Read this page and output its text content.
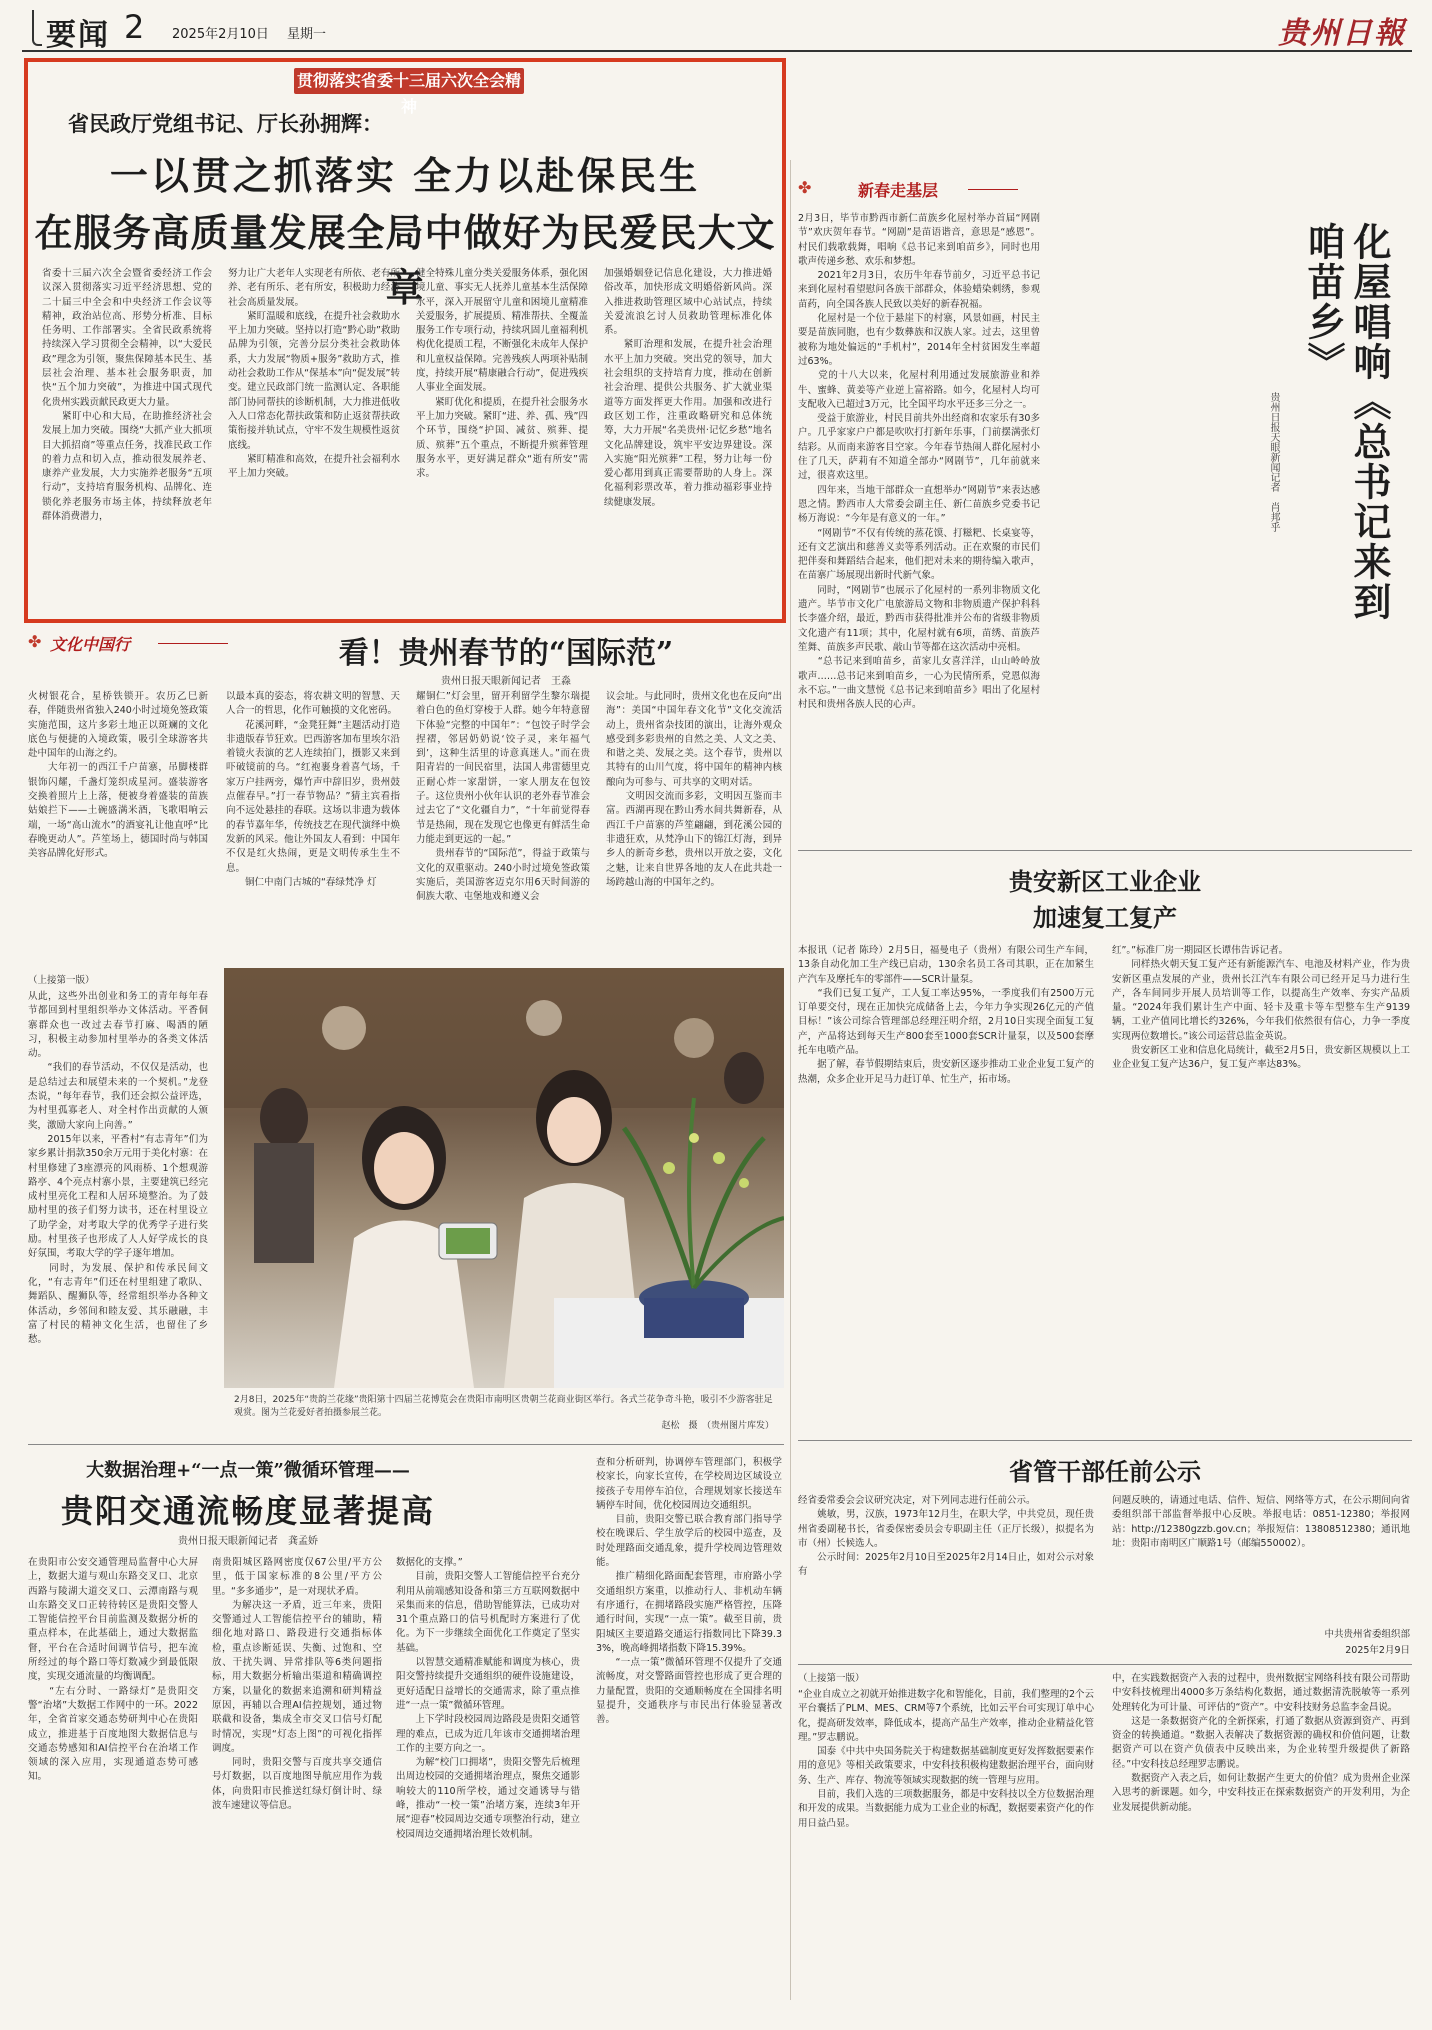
要闻 2 2025年2月10日 星期一	贵州日報
贯彻落实省委十三届六次全会精神
省民政厅党组书记、厅长孙拥辉：
一以贯之抓落实 全力以赴保民生
在服务高质量发展全局中做好为民爱民大文章
省委十三届六次全会暨省委经济工作会议深入贯彻落实习近平经济思想、党的二十届三中全会和中央经济工作会议等精神，政治站位高、形势分析准、目标任务明、工作部署实。全省民政系统将持续深入学习贯彻全会精神，以“大爱民政”理念为引领，聚焦保障基本民生、基层社会治理、基本社会服务职责，加快“五个加力突破”，为推进中国式现代化贵州实践贡献民政更大力量。
　　紧盯中心和大局，在助推经济社会发展上加力突破。围绕“大抓产业大抓项目大抓招商”等重点任务，找准民政工作的着力点和切入点，推动很发展养老、康养产业发展，大力实施养老服务“五项行动”，支持培育服务机构、品牌化、连锁化养老服务市场主体，持续释放老年群体消费潜力，
努力让广大老年人实现老有所依、老有所养、老有所乐、老有所安，积极助力经济社会高质量发展。
　　紧盯温暖和底线，在提升社会救助水平上加力突破。坚持以打造“黔心助”救助品牌为引领，完善分层分类社会救助体系，大力发展“物质+服务”救助方式，推动社会救助工作从“保基本”向“促发展”转变。建立民政部门统一监测认定、各职能部门协同帮扶的诊断机制，大力推进低收入人口常态化帮扶政策和防止返贫帮扶政策衔接并轨试点，守牢不发生规模性返贫底线。
　　紧盯精准和高效，在提升社会福利水平上加力突破。
健全特殊儿童分类关爱服务体系，强化困境儿童、事实无人抚养儿童基本生活保障水平，深入开展留守儿童和困境儿童精准关爱服务，扩展提质、精准帮扶、全覆盖服务工作专项行动，持续巩固儿童福利机构优化提质工程，不断强化未成年人保护和儿童权益保障。完善残疾人两项补贴制度，持续开展“精康融合行动”，促进残疾人事业全面发展。
　　紧盯优化和提质，在提升社会服务水平上加力突破。紧盯“进、养、孤、残”四个环节，围绕“护国、减贫、殡葬、提质、殡葬”五个重点，不断提升殡葬管理服务水平，更好满足群众“逝有所安”需求。
加强婚姻登记信息化建设，大力推进婚俗改革，加快形成文明婚俗新风尚。深入推进救助管理区域中心站试点，持续关爱流浪乞讨人员救助管理标准化体系。
　　紧盯治理和发展，在提升社会治理水平上加力突破。突出党的领导，加大社会组织的支持培育力度，推动在创新社会治理、提供公共服务、扩大就业渠道等方面发挥更大作用。加强和改进行政区划工作，注重政略研究和总体统筹，大力开展“名美贵州·记忆乡愁”地名文化品牌建设，筑牢平安边界建设。深入实施“阳光殡葬”工程，努力让每一份爱心都用到真正需要帮助的人身上。深化福利彩票改革，着力推动福彩事业持续健康发展。
✤	新春走基层
2月3日，毕节市黔西市新仁苗族乡化屋村举办首届“网剧节”欢庆贺年春节。“网剧”是苗语谐音，意思是“感恩”。村民们载歌载舞，唱响《总书记来到咱苗乡》，同时也用歌声传递乡愁、欢乐和梦想。
　　2021年2月3日，农历牛年春节前夕，习近平总书记来到化屋村看望慰问各族干部群众，体验蜡染刺绣，参观苗药，向全国各族人民致以美好的新春祝福。
　　化屋村是一个位于悬崖下的村寨，风景如画，村民主要是苗族同胞，也有少数彝族和汉族人家。过去，这里曾被称为地处偏远的“手机村”，2014年全村贫困发生率超过63%。
　　党的十八大以来，化屋村利用通过发展旅游业和养牛、蜜蜂、黄姜等产业逆上富裕路。如今，化屋村人均可支配收入已超过3万元，比全国平均水平还多三分之一。
　　受益于旅游业，村民目前共外出经商和农家乐有30多户。几乎家家户户都是吹吹打打新年乐事，门前摆满张灯结彩。从而南来游客目空家。今年春节热闹人群化屋村小住了几天，萨莉有不知道全部办“网剧节”，几年前就来过，很喜欢这里。
　　四年来，当地干部群众一直想举办“网剧节”来表达感恩之情。黔西市人大常委会副主任、新仁苗族乡党委书记杨万海说：“今年是有意义的一年。”
　　“网剧节”不仅有传统的蒸花馍、打糍粑、长桌宴等，还有文艺演出和慈善义卖等系列活动。正在欢聚的市民们把伴奏和舞蹈结合起来，他们把对未来的期待编入歌声，在苗寨广场展现出新时代新气象。
　　同时，“网剧节”也展示了化屋村的一系列非物质文化遗产。毕节市文化广电旅游局文物和非物质遗产保护科科长李盛介绍，最近，黔西市获得批准并公布的省级非物质文化遗产有11项；其中，化屋村就有6项，苗绣、苗族芦笙舞、苗族多声民歌、敲山节等都在这次活动中亮相。
　　“总书记来到咱苗乡，苗家儿女喜洋洋，山山岭岭放歌声……总书记来到咱苗乡，一心为民情所系，党恩似海永不忘。”一曲文慧悦《总书记来到咱苗乡》唱出了化屋村村民和贵州各族人民的心声。
化屋唱响《总书记来到咱苗乡》
贵州日报天眼新闻记者　肖邦乎
贵安新区工业企业
加速复工复产
本报讯（记者 陈玲）2月5日，福曼电子（贵州）有限公司生产车间，13条自动化加工生产线已启动，130余名员工各司其职，正在加紧生产汽车及摩托车的零部件——SCR计量泵。
　　“我们已复工复产，工人复工率达95%，一季度我们有2500万元订单要交付，现在正加快完成储备上去，今年力争实现26亿元的产值目标！”该公司综合管理部总经理汪明介绍，2月10日实现全面复工复产，产品将达到每天生产800套至1000套SCR计量泵，以及500套摩托车电喷产品。
　　据了解，春节假期结束后，贵安新区逐步推动工业企业复工复产的热潮，众多企业开足马力赶订单、忙生产，拓市场。
红”。”标准厂房一期园区长谭伟告诉记者。
　　同样热火朝天复工复产还有新能源汽车、电池及材料产业，作为贵安新区重点发展的产业，贵州长江汽车有限公司已经开足马力进行生产，各车间同步开展人员培训等工作，以提高生产效率、夯实产品质量。“2024年我们累计生产中面、轻卡及重卡等车型整车生产9139辆，工业产值同比增长约326%，今年我们依然很有信心，力争一季度实现两位数增长。”该公司运营总监金英说。
　　贵安新区工业和信息化局统计，截至2月5日，贵安新区规模以上工业企业复工复产达36户，复工复产率达83%。
省管干部任前公示
经省委常委会会议研究决定，对下列同志进行任前公示。
　　姚敏，男，汉族，1973年12月生，在职大学，中共党员，现任贵州省委副秘书长，省委保密委员会专职副主任（正厅长级），拟提名为市（州）长候选人。
　　公示时间：2025年2月10日至2025年2月14日止，如对公示对象有
问题反映的，请通过电话、信件、短信、网络等方式，在公示期间向省委组织部干部监督举报中心反映。举报电话：0851-12380；举报网站：http://12380gzzb.gov.cn；举报短信：13808512380；通讯地址：贵阳市南明区广顺路1号（邮编550002）。
中共贵州省委组织部
2025年2月9日
（上接第一版）
“企业自成立之初就开始推进数字化和智能化，目前，我们整理的2个云平台囊括了PLM、MES、CRM等7个系统，比如云平台可实现订单中心化，提高研发效率，降低成本，提高产品生产效率，推动企业精益化管理。”罗志鹏说。
　　国泰《中共中央国务院关于构建数据基础制度更好发挥数据要素作用的意见》等相关政策要求，中安科技积极构建数据治理平台，面向财务、生产、库存、物流等领域实现数据的统一管理与应用。
　　目前，我们入选的三项数据服务，都是中安科技以全方位数据治理和开发的成果。当数据能力成为工业企业的标配，数据要素资产化的作用日益凸显。
中，在实践数据资产入表的过程中，贵州数据宝网络科技有限公司帮助中安科技梳理出4000多万条结构化数据，通过数据清洗脱敏等一系列处理转化为可计量、可评估的“资产”。中安科技财务总监李金昌说。
　　这是一条数据资产化的全新探索，打通了数据从资源到资产、再到资金的转换通道。“数据入表解决了数据资源的确权和价值问题，让数据资产可以在资产负债表中反映出来，为企业转型升级提供了新路径。”中安科技总经理罗志鹏说。
　　数据资产入表之后，如何让数据产生更大的价值？成为贵州企业深入思考的新课题。如今，中安科技正在探索数据资产的开发利用，为企业发展提供新动能。
✤ 文化中国行	看！贵州春节的“国际范”
贵州日报天眼新闻记者　王淼
火树银花合，星桥铁锁开。农历乙巳新春，伴随贵州省独入240小时过境免签政策实施范围，这片多彩土地正以斑斓的文化底色与便捷的入境政策，吸引全球游客共赴中国年的山海之约。
　　大年初一的西江千户苗寨，吊脚楼群银饰闪耀，千盏灯笼织成星河。盛装游客交换着照片上上落，便被身着盛装的苗族姑娘拦下——土碗盛满米酒，飞歌唱响云端，一场“高山流水”的酒宴礼让他直呼“比春晚更动人”。芦笙场上，德国时尚与韩国美容品牌化好形式。
以最本真的姿态，将农耕文明的智慧、天人合一的哲思，化作可触摸的文化密码。
　　花溪河畔，“金凳狂舞”主题活动打造非遗版春节狂欢。巴西游客加布里埃尔沿着镜火表演的艺人连续拍门，摄影又来到吓破镜前的乌。“红袍裹身着喜气场，千家万户挂两旁，爆竹声中辞旧岁，贵州鼓点催春早。”打一春节物品？”猜主宾看指向不远处悬挂的春联。这场以非遗为载体的春节嘉年华，传统技艺在现代演绎中焕发新的风采。他让外国友人看到：中国年不仅是红火热闹，更是文明传承生生不息。
　　铜仁中南门古城的“春绿梵净 灯
耀铜仁”灯会里，留开利留学生黎尔瑞提着白色的鱼灯穿梭于人群。她今年特意留下体验“完整的中国年”：“包饺子时学会捏褶，邻居奶奶说‘饺子灵，来年福气到’，这种生活里的诗意真迷人。”而在贵阳青岩的一间民宿里，法国人弗雷德里克正耐心炸一家甜饼，一家人朋友在包饺子。这位贵州小伙年认识的老外春节准会过去它了“文化疆自力”，“十年前觉得春节是热闹，现在发现它也像更有鲜活生命力能走到更远的一起。”
　　贵州春节的“国际范”，得益于政策与文化的双重驱动。240小时过境免签政策实施后，美国游客迈克尔用6天时间游的侗族大歌、屯堡地戏和遵义会
议会址。与此同时，贵州文化也在反向“出海”：美国“中国年春文化节”文化交流活动上，贵州省杂技团的演出，让海外观众感受到多彩贵州的自然之美、人文之美、和谐之美、发展之美。这个春节，贵州以其特有的山川气度，将中国年的精神内核酿向为可参与、可共享的文明对话。
　　文明因交流而多彩，文明因互鉴而丰富。西湖再现在黔山秀水间共舞新春，从西江千户苗寨的芦笙翩翩，到花溪公园的非遗狂欢，从梵净山下的锦江灯海，到异乡人的新奇乡愁，贵州以开放之姿，文化之魅，让来自世界各地的友人在此共赴一场跨越山海的中国年之约。
（上接第一版）
从此，这些外出创业和务工的青年每年春节都回到村里组织举办文体活动。平香侗寨群众也一改过去春节打麻、喝酒的陋习，积极主动参加村里举办的各类文体活动。
　　“我们的春节活动，不仅仅是活动，也是总结过去和展望未来的一个契机。”龙登杰说，“每年春节，我们还会拟公益评选，为村里孤寡老人、对全村作出贡献的人颁奖，激励大家向上向善。”
　　2015年以来，平香村“有志青年”们为家乡累计捐款350余万元用于美化村寨：在村里修建了3座漂亮的风雨桥、1个想观游路亭、4个亮点村寨小景，主要建筑已经完成村里亮化工程和人居环境整治。为了鼓励村里的孩子们努力读书，还在村里设立了助学金，对考取大学的优秀学子进行奖励。村里孩子也形成了人人好学成长的良好氛围，考取大学的学子逐年增加。
　　同时，为发展、保护和传承民间文化，“有志青年”们还在村里组建了歌队、舞蹈队、醒狮队等，经常组织举办各种文体活动，乡邻间和睦友爱、其乐融融，丰富了村民的精神文化生活，也留住了乡愁。
2月8日，2025年“贵韵兰花缘”贵阳第十四届兰花博览会在贵阳市南明区贵朝兰花商业街区举行。各式兰花争奇斗艳，吸引不少游客驻足观赏。图为兰花爱好者拍摄参展兰花。
赵松　摄　（贵州图片库发）
大数据治理+“一点一策”微循环管理——
贵阳交通流畅度显著提高
贵州日报天眼新闻记者　龚孟娇
在贵阳市公安交通管理局监督中心大屏上，数据大道与观山东路交叉口、北京西路与陵湖大道交叉口、云潭南路与观山东路交叉口正转待转区是贵阳交警人工智能信控平台目前监测及数据分析的重点样本，在此基础上，通过大数据监督，平台在合适时间调节信号，把车流所经过的每个路口等灯数减少到最低限度，实现交通流量的均衡调配。
　　“左右分时、一路绿灯”是贵阳交警“治堵”大数据工作网中的一环。2022年，全省首家交通态势研判中心在贵阳成立，推进基于百度地图大数据信息与交通态势感知和AI信控平台在治堵工作领域的深入应用，实现通道态势可感知。
南贵阳城区路网密度仅67公里/平方公里，低于国家标准的8公里/平方公里。“多多通步”，是一对现状矛盾。
　　为解决这一矛盾，近三年来，贵阳交警通过人工智能信控平台的辅助，精细化地对路口、路段进行交通指标体检，重点诊断延误、失衡、过饱和、空放、干扰失调、异常排队等6类问题指标，用大数据分析输出渠道和精确调控方案，以量化的数据来追溯和研判精益原因，再辅以合理AI信控规划，通过物联截和设备，集成全市交叉口信号灯配时情况，实现“灯态上图”的可视化指挥调度。
　　同时，贵阳交警与百度共享交通信号灯数据，以百度地图导航应用作为载体，向贵阳市民推送红绿灯倒计时、绿波车速建议等信息。
数据化的支撑。”
　　目前，贵阳交警人工智能信控平台充分利用从前端感知设备和第三方互联网数据中采集而来的信息，借助智能算法，已成功对31个重点路口的信号机配时方案进行了优化。为下一步继续全面优化工作奠定了坚实基础。
　　以智慧交通精准赋能和调度为核心，贵阳交警持续提升交通组织的硬件设施建设，更好适配日益增长的交通需求，除了重点推进“一点一策”微循环管理。
　　上下学时段校园周边路段是贵阳交通管理的难点，已成为近几年该市交通拥堵治理工作的主要方向之一。
　　为解“校门口拥堵”，贵阳交警先后梳理出周边校园的交通拥堵治理点，聚焦交通影响较大的110所学校，通过交通诱导与错峰，推动“一校一策”治堵方案，连续3年开展“迎春”校园周边交通专项整治行动，建立校园周边交通拥堵治理长效机制。
查和分析研判，协调停车管理部门，积极学校家长，向家长宣传，在学校周边区域设立接孩子专用停车泊位，合理规划家长接送车辆停车时间，优化校园周边交通组织。
　　目前，贵阳交警已联合教育部门指导学校在晚课后、学生放学后的校园中巡查，及时处理路面交通乱象，提升学校周边管理效能。
　　推广精细化路面配套管理，市府路小学交通组织方案重，以推动行人、非机动车辆有序通行，在拥堵路段实施严格管控，压降通行时间，实现“一点一策”。截至目前，贵阳城区主要道路交通运行指数同比下降39.33%，晚高峰拥堵指数下降15.39%。
　　“一点一策”微循环管理不仅提升了交通流畅度，对交警路面管控也形成了更合理的力量配置，贵阳的交通顺畅度在全国排名明显提升，交通秩序与市民出行体验显著改善。
